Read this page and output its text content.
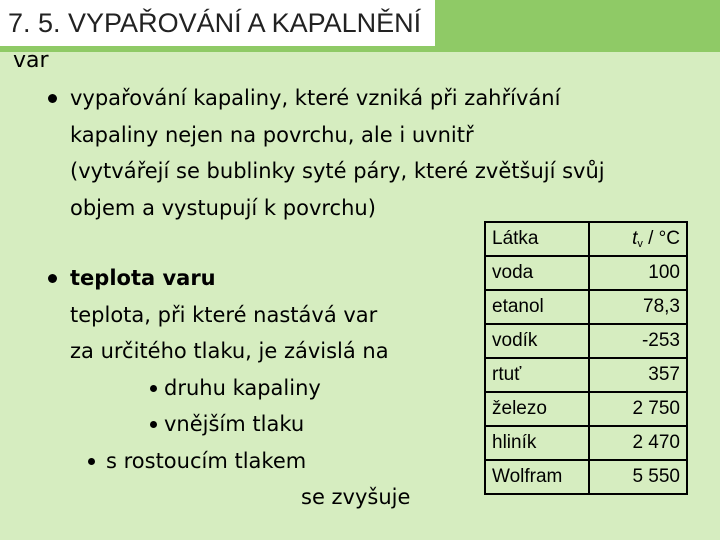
7. 5. VYPAŘOVÁNÍ A KAPALNĚNÍ
var
vypařování kapaliny, které vzniká při zahřívání
kapaliny nejen na povrchu, ale i uvnitř
(vytvářejí se bublinky syté páry, které zvětšují svůj
objem a vystupují k povrchu)
teplota varu
teplota, při které nastává var
za určitého tlaku, je závislá na
druhu kapaliny
vnějším tlaku
s rostoucím tlakem
se zvyšuje
Látka	$t_v / ^\circ C$
voda	100
etanol	78,3
vodík	-253
rtuť	357
železo	2 750
hliník	2 470
Wolfram	5 550
